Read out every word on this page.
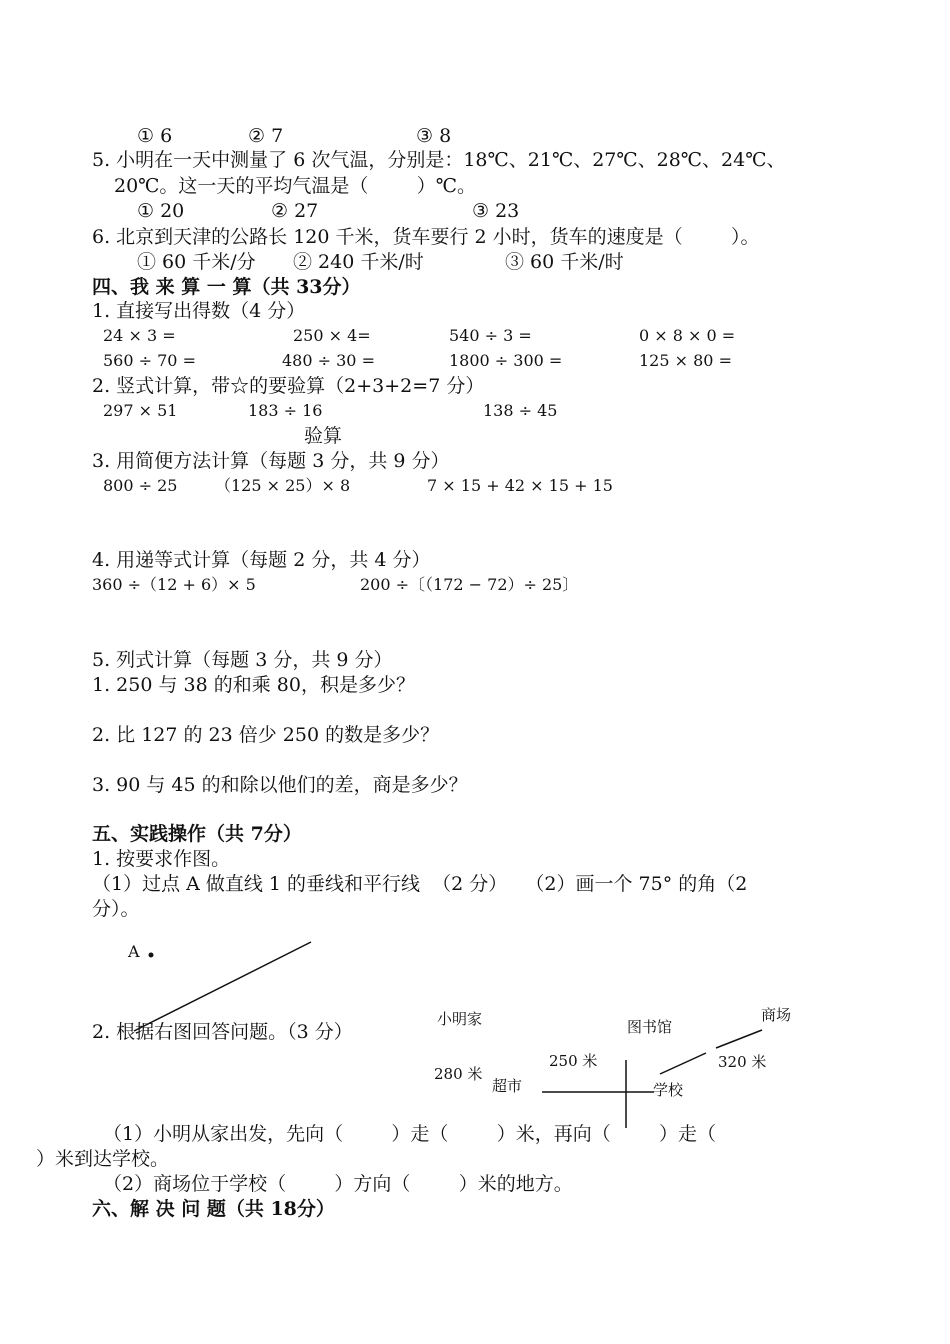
① 6	② 7	③ 8
5. 小明在一天中测量了 6 次气温，分别是：18℃、21℃、27℃、28℃、24℃、
20℃。这一天的平均气温是（        ）℃。
① 20	② 27	③ 23
6. 北京到天津的公路长 120 千米，货车要行 2 小时，货车的速度是（        ）。
① 60 千米/分 ② 240 千米/时	③ 60 千米/时
四、我 来 算 一 算（共 33分）
1. 直接写出得数（4 分）
24 × 3 =	250 × 4=	540 ÷ 3 =	0 × 8 × 0 =
560 ÷ 70 =	480 ÷ 30 =	1800 ÷ 300 =	125 × 80 =
2. 竖式计算，带☆的要验算（2+3+2=7 分）
297 × 51	183 ÷ 16	138 ÷ 45
验算
3. 用简便方法计算（每题 3 分，共 9 分）
800 ÷ 25 （125 × 25）× 8	7 × 15 + 42 × 15 + 15
4. 用递等式计算（每题 2 分，共 4 分）
360 ÷（12 + 6）× 5	200 ÷〔（172 − 72）÷ 25〕
5. 列式计算（每题 3 分，共 9 分）
1. 250 与 38 的和乘 80，积是多少？
2. 比 127 的 23 倍少 250 的数是多少？
3. 90 与 45 的和除以他们的差，商是多少？
五、实践操作（共 7分）
1. 按要求作图。
（1）过点 A 做直线 1 的垂线和平行线  （2 分）   （2）画一个 75° 的角（2
分）。
A
2. 根据右图回答问题。（3 分）
小明家	图书馆
商场
250 米
280 米
320 米
超市	学校
（1）小明从家出发，先向（        ）走（        ）米，再向（        ）走（
）米到达学校。
（2）商场位于学校（        ）方向（        ）米的地方。
六、解 决 问 题（共 18分）
